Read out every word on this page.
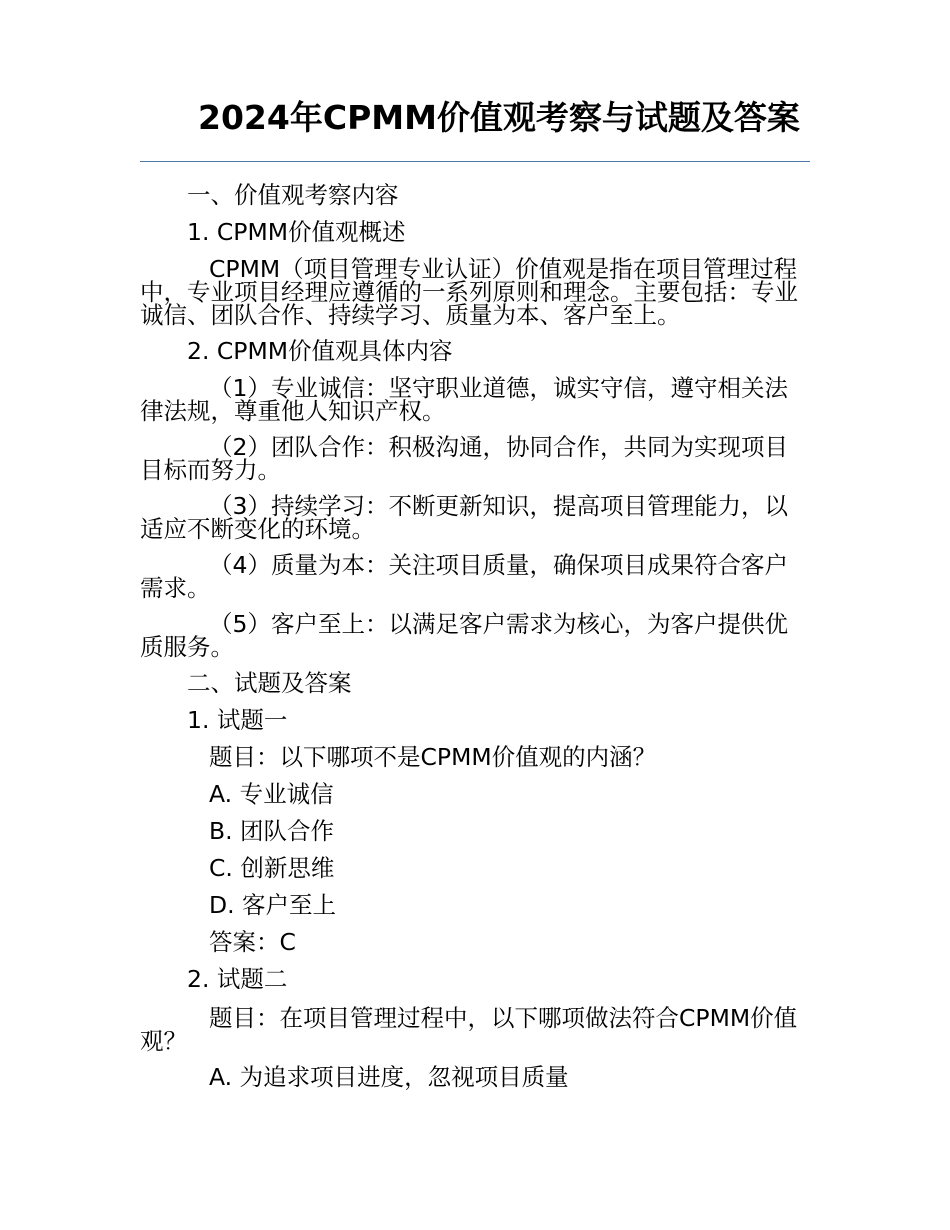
2024年CPMM价值观考察与试题及答案
一、价值观考察内容
1. CPMM价值观概述
CPMM（项目管理专业认证）价值观是指在项目管理过程中，专业项目经理应遵循的一系列原则和理念。主要包括：专业诚信、团队合作、持续学习、质量为本、客户至上。
2. CPMM价值观具体内容
（1）专业诚信：坚守职业道德，诚实守信，遵守相关法律法规，尊重他人知识产权。
（2）团队合作：积极沟通，协同合作，共同为实现项目目标而努力。
（3）持续学习：不断更新知识，提高项目管理能力，以适应不断变化的环境。
（4）质量为本：关注项目质量，确保项目成果符合客户需求。
（5）客户至上：以满足客户需求为核心，为客户提供优质服务。
二、试题及答案
1. 试题一
题目：以下哪项不是CPMM价值观的内涵？
A. 专业诚信
B. 团队合作
C. 创新思维
D. 客户至上
答案：C
2. 试题二
题目：在项目管理过程中，以下哪项做法符合CPMM价值观？
A. 为追求项目进度，忽视项目质量
